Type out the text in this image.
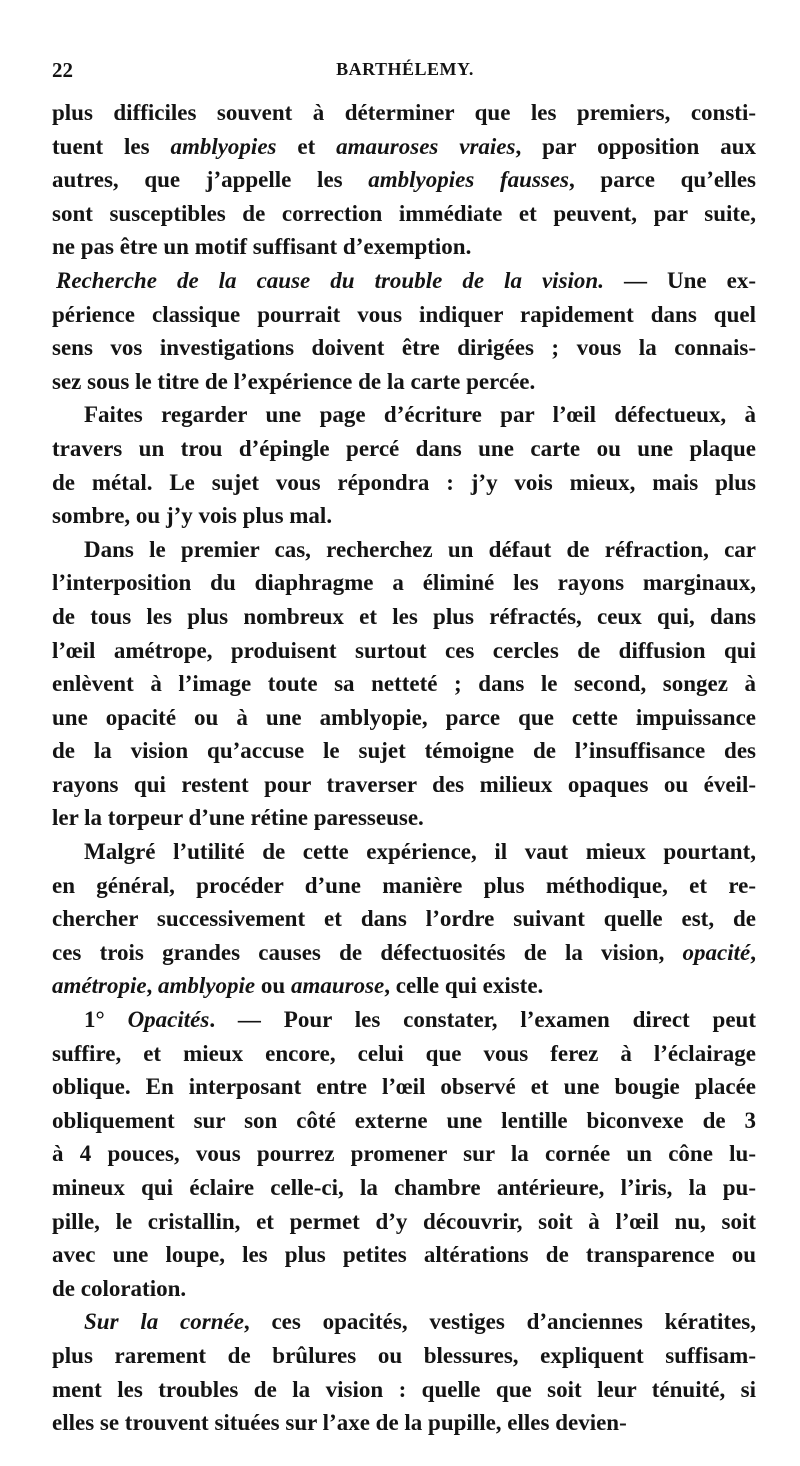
22	BARTHÉLEMY.
plus difficiles souvent à déterminer que les premiers, consti-
tuent les amblyopies et amauroses vraies, par opposition aux
autres, que j’appelle les amblyopies fausses, parce qu’elles
sont susceptibles de correction immédiate et peuvent, par suite,
ne pas être un motif suffisant d’exemption.
Recherche de la cause du trouble de la vision. — Une ex-
périence classique pourrait vous indiquer rapidement dans quel
sens vos investigations doivent être dirigées ; vous la connais-
sez sous le titre de l’expérience de la carte percée.
Faites regarder une page d’écriture par l’œil défectueux, à
travers un trou d’épingle percé dans une carte ou une plaque
de métal. Le sujet vous répondra : j’y vois mieux, mais plus
sombre, ou j’y vois plus mal.
Dans le premier cas, recherchez un défaut de réfraction, car
l’interposition du diaphragme a éliminé les rayons marginaux,
de tous les plus nombreux et les plus réfractés, ceux qui, dans
l’œil amétrope, produisent surtout ces cercles de diffusion qui
enlèvent à l’image toute sa netteté ; dans le second, songez à
une opacité ou à une amblyopie, parce que cette impuissance
de la vision qu’accuse le sujet témoigne de l’insuffisance des
rayons qui restent pour traverser des milieux opaques ou éveil-
ler la torpeur d’une rétine paresseuse.
Malgré l’utilité de cette expérience, il vaut mieux pourtant,
en général, procéder d’une manière plus méthodique, et re-
chercher successivement et dans l’ordre suivant quelle est, de
ces trois grandes causes de défectuosités de la vision, opacité,
amétropie, amblyopie ou amaurose, celle qui existe.
1° Opacités. — Pour les constater, l’examen direct peut
suffire, et mieux encore, celui que vous ferez à l’éclairage
oblique. En interposant entre l’œil observé et une bougie placée
obliquement sur son côté externe une lentille biconvexe de 3
à 4 pouces, vous pourrez promener sur la cornée un cône lu-
mineux qui éclaire celle-ci, la chambre antérieure, l’iris, la pu-
pille, le cristallin, et permet d’y découvrir, soit à l’œil nu, soit
avec une loupe, les plus petites altérations de transparence ou
de coloration.
Sur la cornée, ces opacités, vestiges d’anciennes kératites,
plus rarement de brûlures ou blessures, expliquent suffisam-
ment les troubles de la vision : quelle que soit leur ténuité, si
elles se trouvent situées sur l’axe de la pupille, elles devien-
